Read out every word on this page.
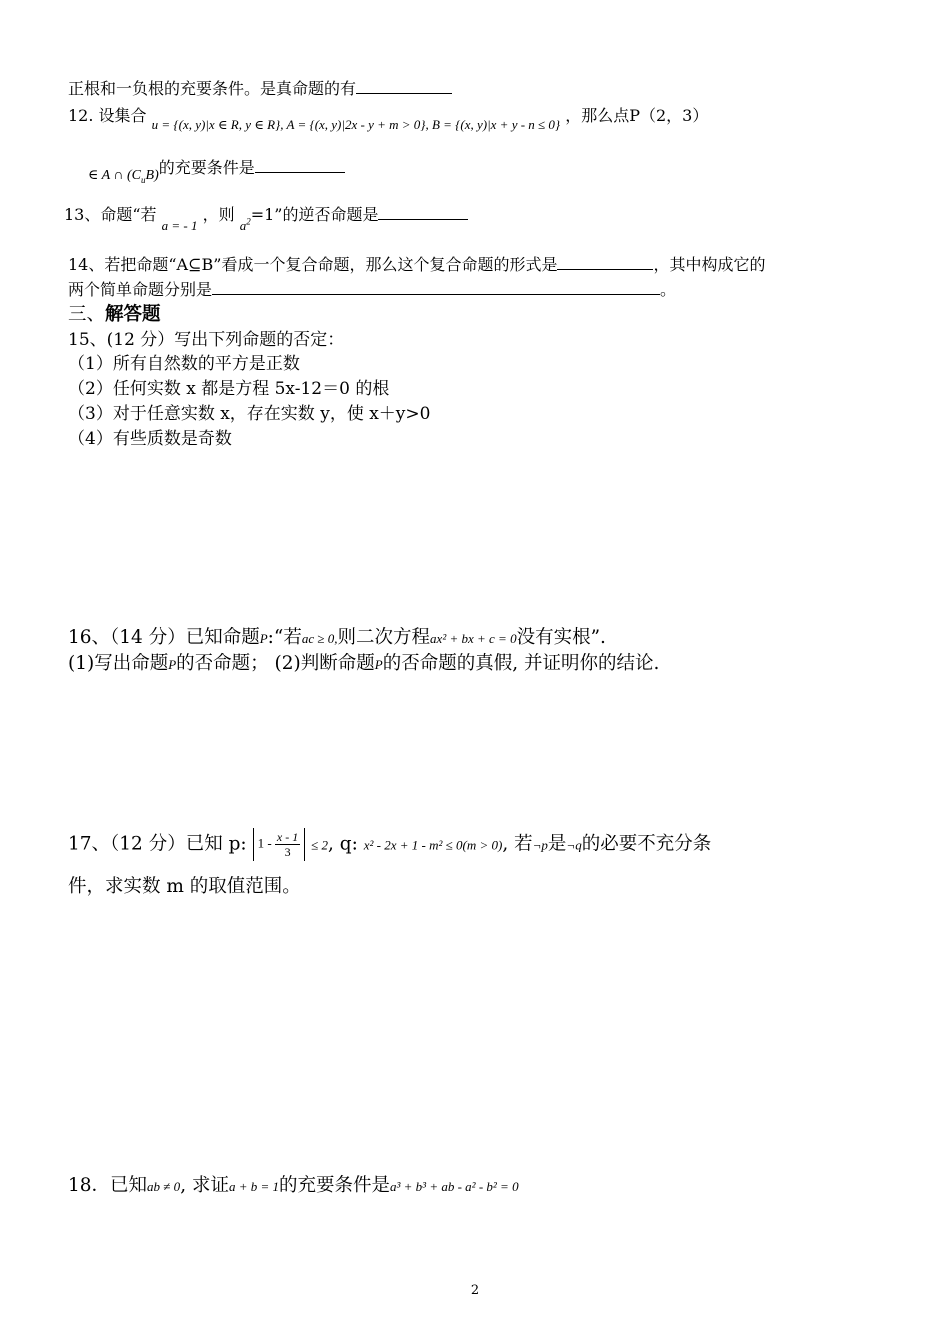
正根和一负根的充要条件。是真命题的有
12. 设集合 $_{u = \{(x, y)|x \in R, y \in R\}, A = \{(x, y)|2x - y + m > 0\}, B = \{(x, y)|x + y - n \le 0\}}$ ，那么点P（2，3）
∈ A ∩ $(C_uB)$的充要条件是
13、命题“若 $_{a = - 1}$ ，则 $_{a^2}$=1”的逆否命题是
14、若把命题“A⊆B”看成一个复合命题，那么这个复合命题的形式是	，其中构成它的
两个简单命题分别是	。
三、解答题
15、(12 分）写出下列命题的否定：
（1）所有自然数的平方是正数
（2）任何实数 x 都是方程 5x-12＝0 的根
（3）对于任意实数 x，存在实数 y，使 x＋y>0
（4）有些质数是奇数
16、（14 分）已知命题P:“若ac ≥ 0,则二次方程ax² + bx + c = 0没有实根”.
(1)写出命题P的否命题； (2)判断命题P的否命题的真假, 并证明你的结论.
17、（12 分）已知 p: $1 - \frac{x - 1}{3} \le 2$, q: x² - 2x + 1 - m² ≤ 0(m > 0), 若¬p是¬q的必要不充分条
件，求实数 m 的取值范围。
18．已知ab ≠ 0, 求证a + b = 1的充要条件是a³ + b³ + ab - a² - b² = 0
2
